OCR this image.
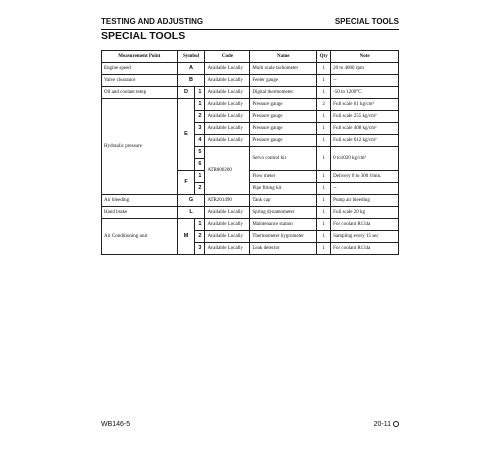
TESTING AND ADJUSTING	SPECIAL TOOLS
SPECIAL TOOLS
Measurement Point	Symbol		Code	Name	Qty	Note
Engine speed	A		Available Locally	Multi scale tachometer	1	20 to 4000 rpm
Valve clearance	B		Available Locally	Feeler gauge	1	--
Oil and coolant temp	D	1	Available Locally	Digital thermometer	1	-50 to 1200°C
Hydraulic pressure	E	1	Available Locally	Pressure gauge	2	Full scale 61 kg/cm²
		2	Available Locally	Pressure gauge	1	Full scale 255 kg/cm²
		3	Available Locally	Pressure gauge	1	Full scale 408 kg/cm²
		4	Available Locally	Pressure gauge	1	Full scale 612 kg/cm²
		5	ATR800200	Servo control kit	1	0 to1020 kg/cm²
		6				
	F	1		Flow meter	1	Delivery 0 to 300 l/min.
		2		Pipe fitting kit	1	--
Air bleeding	G		ATR201490	Tank cap	1	Pump air bleeding
Hand brake	L		Available Locally	Spring dynamometer	1	Full scale 20 kg
Air Conditioning unit	M	1	Available Locally	Maintenance station	1	For coolant R134a
		2	Available Locally	Thermometer hygrometer	1	Sampling every 15 sec
		3	Available Locally	Leak detector	1	For coolant R134a
WB146-5	20-11
